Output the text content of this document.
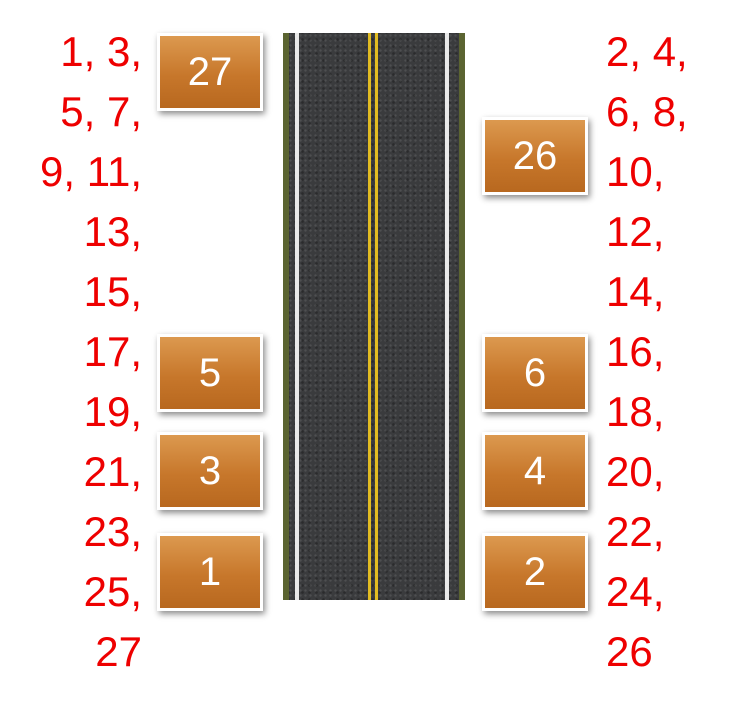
1, 3,
5, 7,
9, 11,
13,
15,
17,
19,
21,
23,
25,
27
2, 4,
6, 8,
10,
12,
14,
16,
18,
20,
22,
24,
26
27
5
3
1
26
6
4
2
